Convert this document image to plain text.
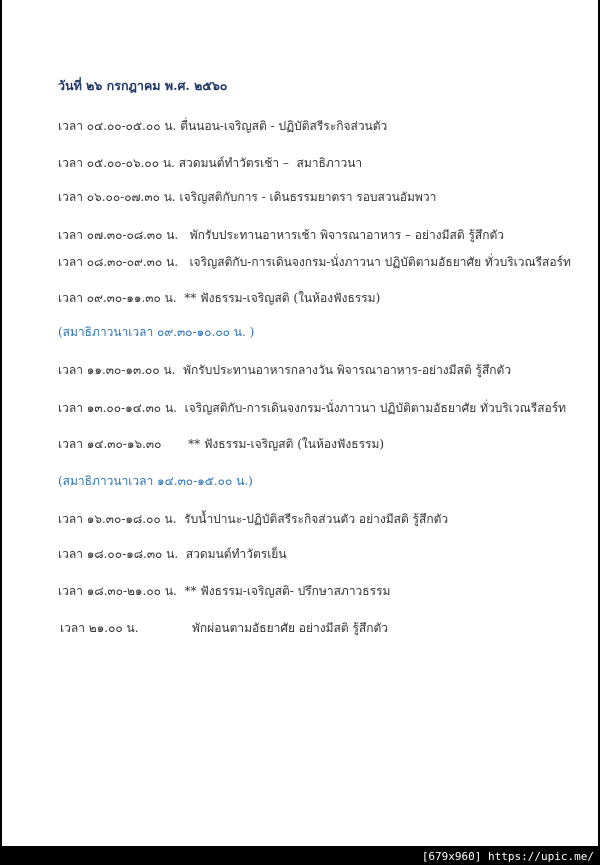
วันที่ ๒๖ กรกฎาคม พ.ศ. ๒๕๖๐
เวลา ๐๔.๐๐-๐๕.๐๐ น. ตื่นนอน-เจริญสติ - ปฏิบัติสรีระกิจส่วนตัว
เวลา ๐๕.๐๐-๐๖.๐๐ น. สวดมนต์ทำวัตรเช้า –  สมาธิภาวนา
เวลา ๐๖.๐๐-๐๗.๓๐ น. เจริญสติกับการ - เดินธรรมยาตรา รอบสวนอัมพวา
เวลา ๐๗.๓๐-๐๘.๓๐ น.   พักรับประทานอาหารเช้า พิจารณาอาหาร – อย่างมีสติ รู้สึกตัว
เวลา ๐๘.๓๐-๐๙.๓๐ น.   เจริญสติกับ-การเดินจงกรม-นั่งภาวนา ปฏิบัติตามอัธยาศัย ทั่วบริเวณรีสอร์ท
เวลา ๐๙.๓๐-๑๑.๓๐ น.  ** ฟังธรรม-เจริญสติ (ในห้องฟังธรรม)
(สมาธิภาวนาเวลา ๐๙.๓๐-๑๐.๐๐ น. )
เวลา ๑๑.๓๐-๑๓.๐๐ น.  พักรับประทานอาหารกลางวัน พิจารณาอาหาร-อย่างมีสติ รู้สึกตัว
เวลา ๑๓.๐๐-๑๔.๓๐ น.  เจริญสติกับ-การเดินจงกรม-นั่งภาวนา ปฏิบัติตามอัธยาศัย ทั่วบริเวณรีสอร์ท
เวลา ๑๔.๓๐-๑๖.๓๐       ** ฟังธรรม-เจริญสติ (ในห้องฟังธรรม)
(สมาธิภาวนาเวลา ๑๔.๓๐-๑๕.๐๐ น.)
เวลา ๑๖.๓๐-๑๘.๐๐ น.  รับน้ำปานะ-ปฏิบัติสรีระกิจส่วนตัว อย่างมีสติ รู้สึกตัว
เวลา ๑๘.๐๐-๑๘.๓๐ น.  สวดมนต์ทำวัตรเย็น
เวลา ๑๘.๓๐-๒๑.๐๐ น.  ** ฟังธรรม-เจริญสติ- ปรึกษาสภาวธรรม
เวลา ๒๑.๐๐ น.              พักผ่อนตามอัธยาศัย อย่างมีสติ รู้สึกตัว
[679x960] https://upic.me/
